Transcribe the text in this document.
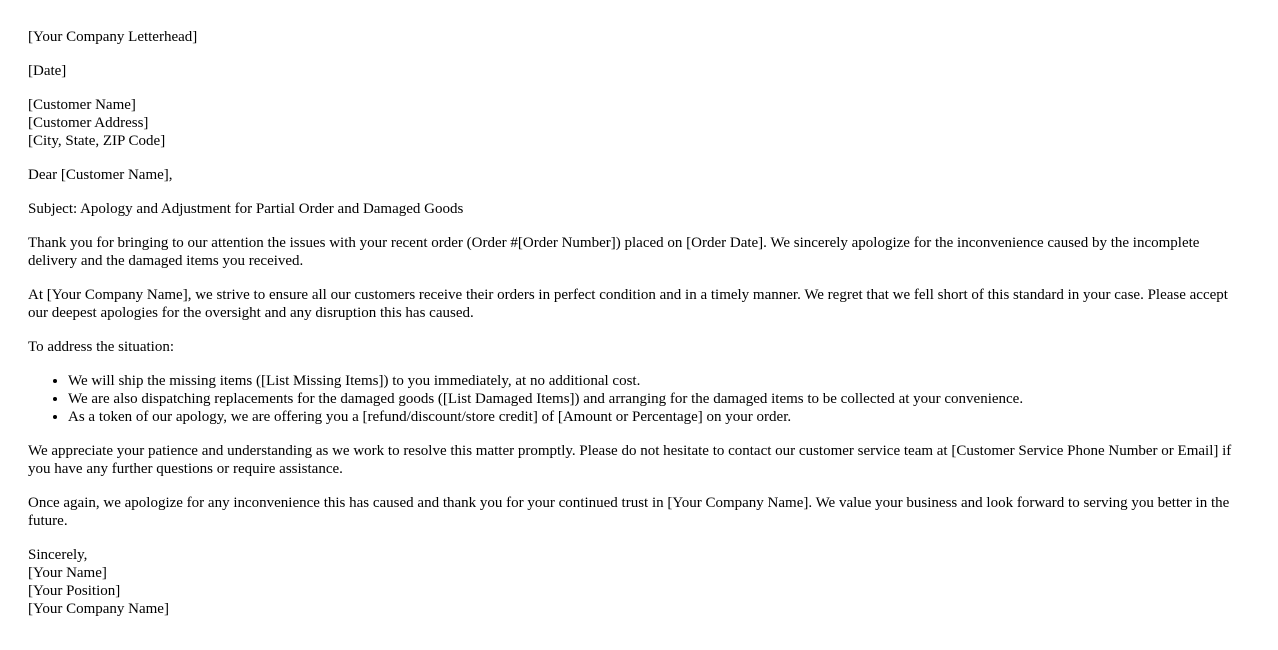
[Your Company Letterhead]

[Date]

[Customer Name]
[Customer Address]
[City, State, ZIP Code]

Dear [Customer Name],

Subject: Apology and Adjustment for Partial Order and Damaged Goods

Thank you for bringing to our attention the issues with your recent order (Order #[Order Number]) placed on [Order Date]. We sincerely apologize for the inconvenience caused by the incomplete delivery and the damaged items you received.

At [Your Company Name], we strive to ensure all our customers receive their orders in perfect condition and in a timely manner. We regret that we fell short of this standard in your case. Please accept our deepest apologies for the oversight and any disruption this has caused.

To address the situation:

• We will ship the missing items ([List Missing Items]) to you immediately, at no additional cost.
• We are also dispatching replacements for the damaged goods ([List Damaged Items]) and arranging for the damaged items to be collected at your convenience.
• As a token of our apology, we are offering you a [refund/discount/store credit] of [Amount or Percentage] on your order.

We appreciate your patience and understanding as we work to resolve this matter promptly. Please do not hesitate to contact our customer service team at [Customer Service Phone Number or Email] if you have any further questions or require assistance.

Once again, we apologize for any inconvenience this has caused and thank you for your continued trust in [Your Company Name]. We value your business and look forward to serving you better in the future.

Sincerely,
[Your Name]
[Your Position]
[Your Company Name]
